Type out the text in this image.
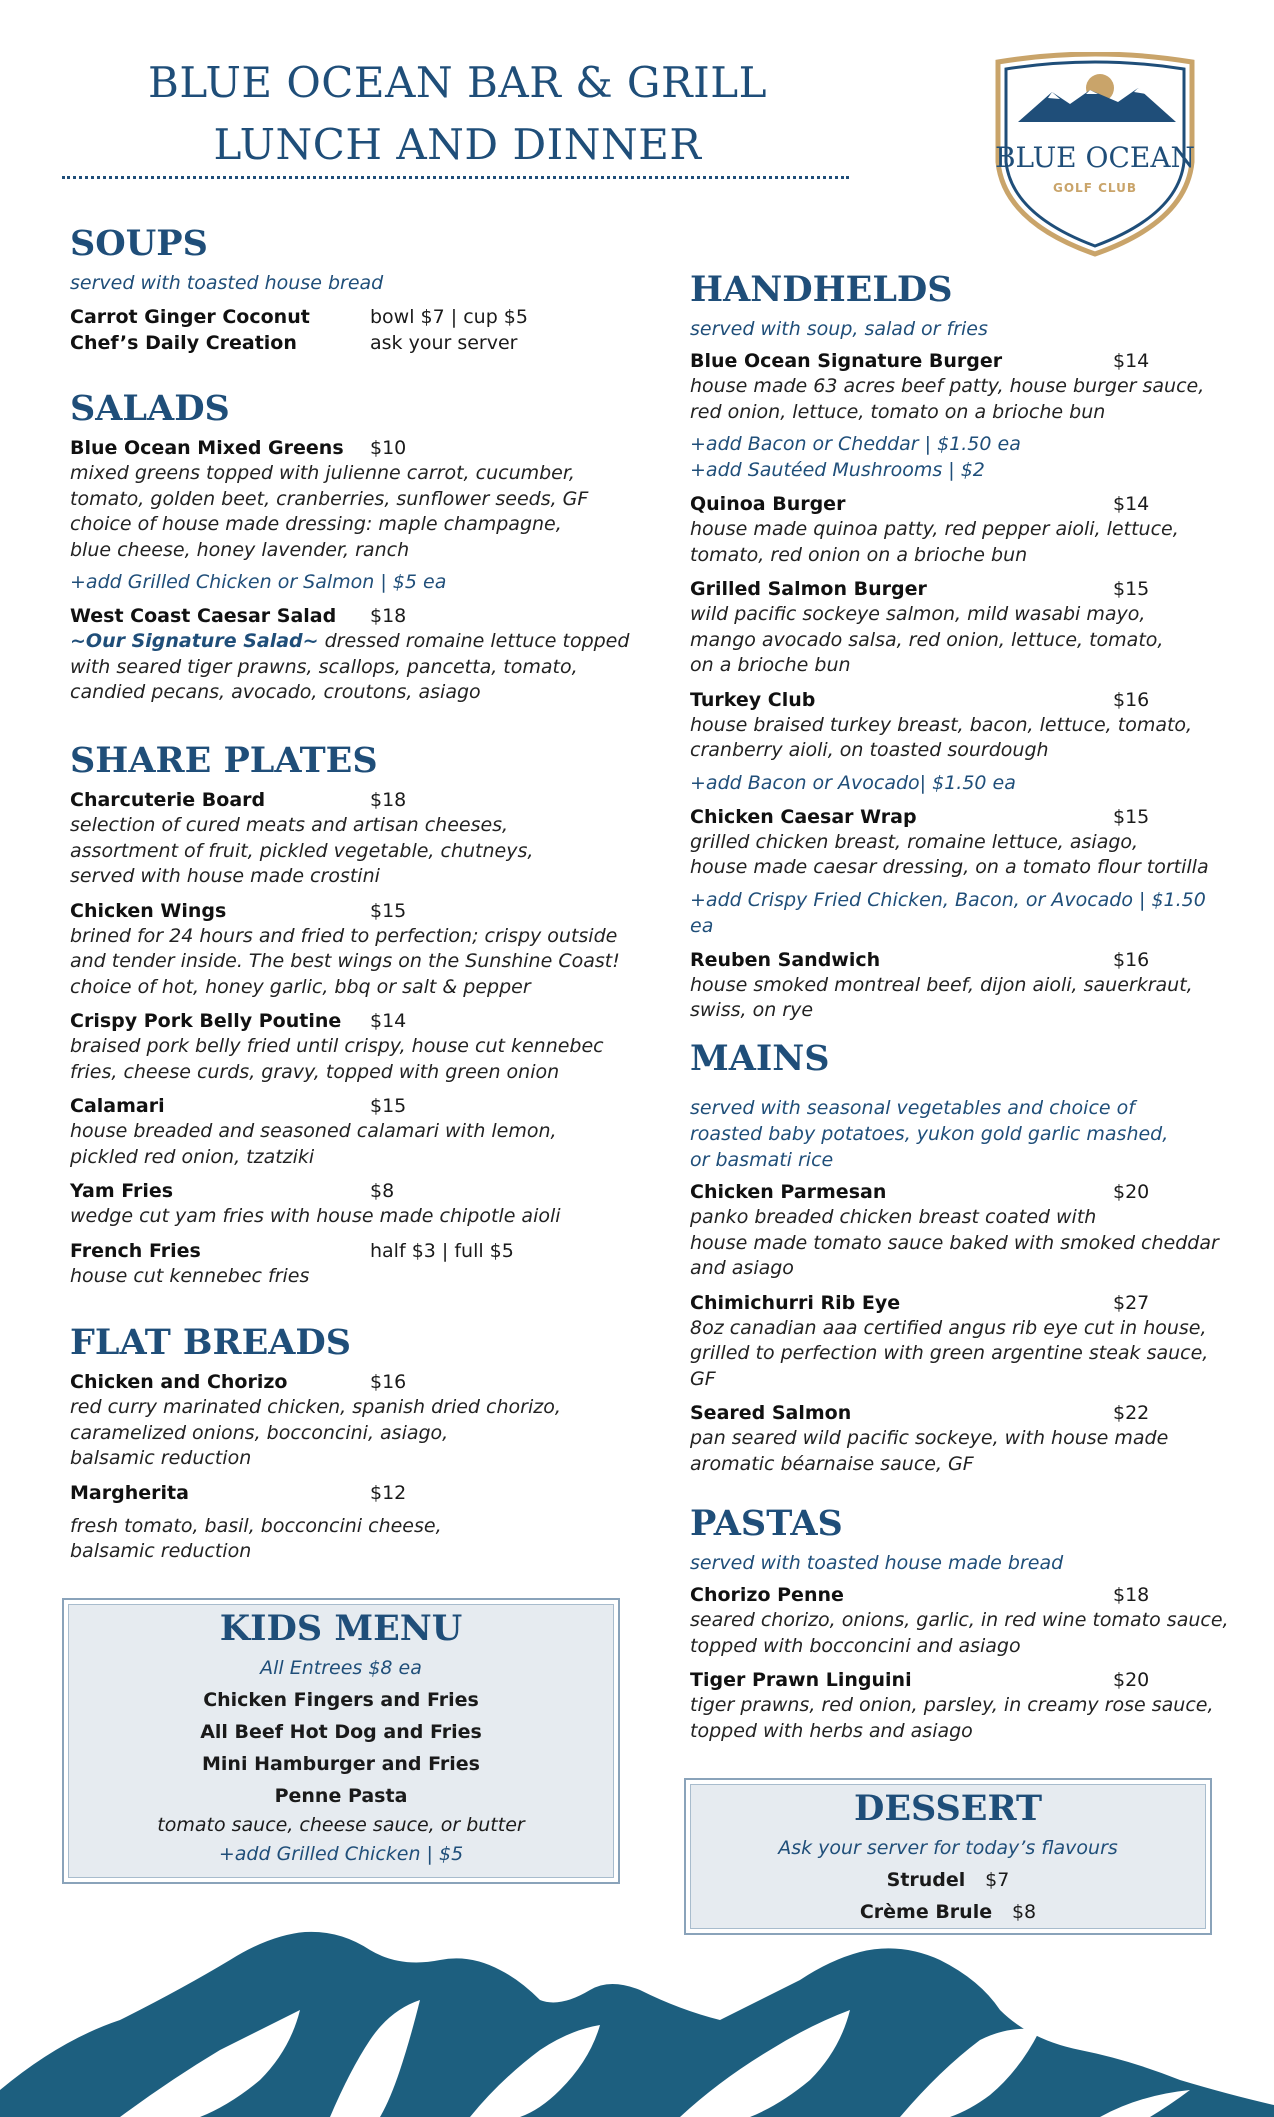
BLUE OCEAN BAR & GRILL
LUNCH AND DINNER	BLUE OCEAN
GOLF CLUB
SOUPS
served with toasted house bread
Carrot Ginger Coconut	bowl $7 | cup $5
Chef’s Daily Creation	ask your server
SALADS
Blue Ocean Mixed Greens $10
mixed greens topped with julienne carrot, cucumber,
tomato, golden beet, cranberries, sunflower seeds, GF
choice of house made dressing: maple champagne,
blue cheese, honey lavender, ranch
+add Grilled Chicken or Salmon | $5 ea
West Coast Caesar Salad $18
~Our Signature Salad~ dressed romaine lettuce topped
with seared tiger prawns, scallops, pancetta, tomato,
candied pecans, avocado, croutons, asiago
SHARE PLATES
Charcuterie Board	$18
selection of cured meats and artisan cheeses,
assortment of fruit, pickled vegetable, chutneys,
served with house made crostini
Chicken Wings	$15
brined for 24 hours and fried to perfection; crispy outside
and tender inside. The best wings on the Sunshine Coast!
choice of hot, honey garlic, bbq or salt & pepper
Crispy Pork Belly Poutine $14
braised pork belly fried until crispy, house cut kennebec
fries, cheese curds, gravy, topped with green onion
Calamari	$15
house breaded and seasoned calamari with lemon,
pickled red onion, tzatziki
Yam Fries	$8
wedge cut yam fries with house made chipotle aioli
French Fries	half $3 | full $5
house cut kennebec fries
FLAT BREADS
Chicken and Chorizo	$16
red curry marinated chicken, spanish dried chorizo,
caramelized onions, bocconcini, asiago,
balsamic reduction
Margherita	$12
fresh tomato, basil, bocconcini cheese,
balsamic reduction
KIDS MENU
All Entrees $8 ea
Chicken Fingers and Fries
All Beef Hot Dog and Fries
Mini Hamburger and Fries
Penne Pasta
tomato sauce, cheese sauce, or butter
+add Grilled Chicken | $5
HANDHELDS
served with soup, salad or fries
Blue Ocean Signature Burger	$14
house made 63 acres beef patty, house burger sauce,
red onion, lettuce, tomato on a brioche bun
+add Bacon or Cheddar | $1.50 ea
+add Sautéed Mushrooms | $2
Quinoa Burger	$14
house made quinoa patty, red pepper aioli, lettuce,
tomato, red onion on a brioche bun
Grilled Salmon Burger	$15
wild pacific sockeye salmon, mild wasabi mayo,
mango avocado salsa, red onion, lettuce, tomato,
on a brioche bun
Turkey Club	$16
house braised turkey breast, bacon, lettuce, tomato,
cranberry aioli, on toasted sourdough
+add Bacon or Avocado| $1.50 ea
Chicken Caesar Wrap	$15
grilled chicken breast, romaine lettuce, asiago,
house made caesar dressing, on a tomato flour tortilla
+add Crispy Fried Chicken, Bacon, or Avocado | $1.50 ea
Reuben Sandwich	$16
house smoked montreal beef, dijon aioli, sauerkraut,
swiss, on rye
MAINS
served with seasonal vegetables and choice of
roasted baby potatoes, yukon gold garlic mashed,
or basmati rice
Chicken Parmesan	$20
panko breaded chicken breast coated with
house made tomato sauce baked with smoked cheddar
and asiago
Chimichurri Rib Eye	$27
8oz canadian aaa certified angus rib eye cut in house,
grilled to perfection with green argentine steak sauce,
GF
Seared Salmon	$22
pan seared wild pacific sockeye, with house made
aromatic béarnaise sauce, GF
PASTAS
served with toasted house made bread
Chorizo Penne	$18
seared chorizo, onions, garlic, in red wine tomato sauce,
topped with bocconcini and asiago
Tiger Prawn Linguini	$20
tiger prawns, red onion, parsley, in creamy rose sauce,
topped with herbs and asiago
DESSERT
Ask your server for today’s flavours
Strudel $7
Crème Brule $8
